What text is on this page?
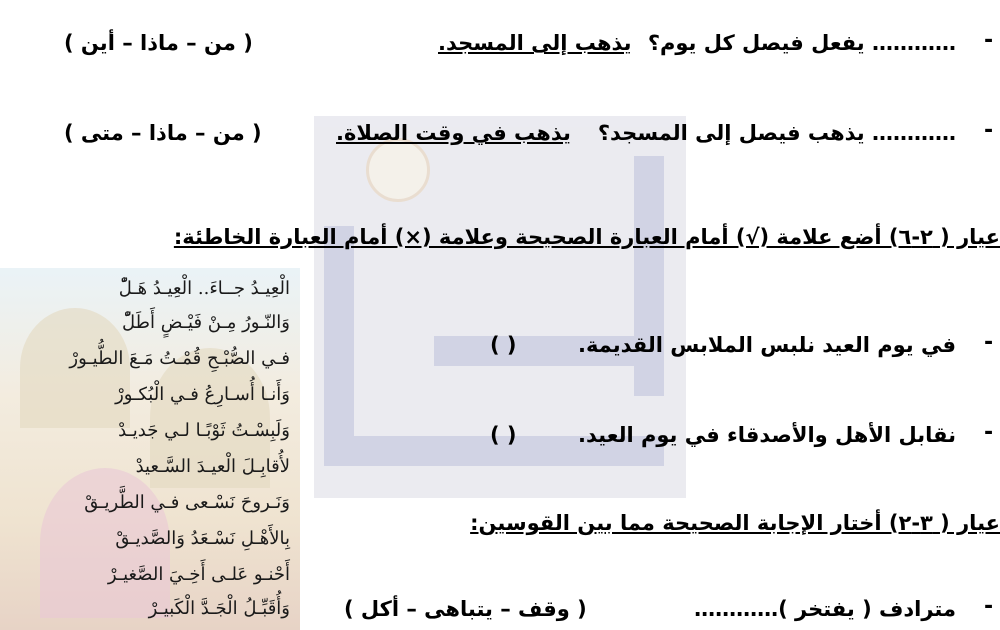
-
………… يفعل فيصل كل يوم؟
يذهب إلى المسجد.
( من – ماذا – أين )
-
………… يذهب فيصل إلى المسجد؟
يذهب في وقت الصلاة.
( من – ماذا – متى )
عيار ( ٢-٦) أضع علامة (√) أمام العبارة الصحيحة وعلامة (×) أمام العبارة الخاطئة:
-
في يوم العيد نلبس الملابس القديمة.
( )
-
نقابل الأهل والأصدقاء في يوم العيد.
( )
عيار ( ٣-٢) أختار الإجابة الصحيحة مما بين القوسين:
-
مترادف ( يفتخر )…………
( وقف – يتباهى – أكل )
الْعِيـدُ جــاءَ.. الْعِيـدُ هَـلّْ
وَالنّـورُ مِـنْ فَيْـضٍ أَطَلّْ
فـي الصُّبْـحِ قُمْـتُ مَـعَ الطُّيـورْ
وَأَنـا أُسـارِعُ فـي الْبُكـورْ
وَلَبِسْـتُ ثَوْبًـا لـي جَديـدْ
لأُقابِـلَ الْعيـدَ السَّـعيدْ
وَنَـروحَ نَسْـعى فـي الطَّريـقْ
بِالأَهْـلِ نَسْـعَدُ وَالصَّديـقْ
أَحْنـو عَلـى أَخِـيَ الصَّغيـرْ
وَأُقَبِّـلُ الْجَـدَّ الْكَبيـرْ
